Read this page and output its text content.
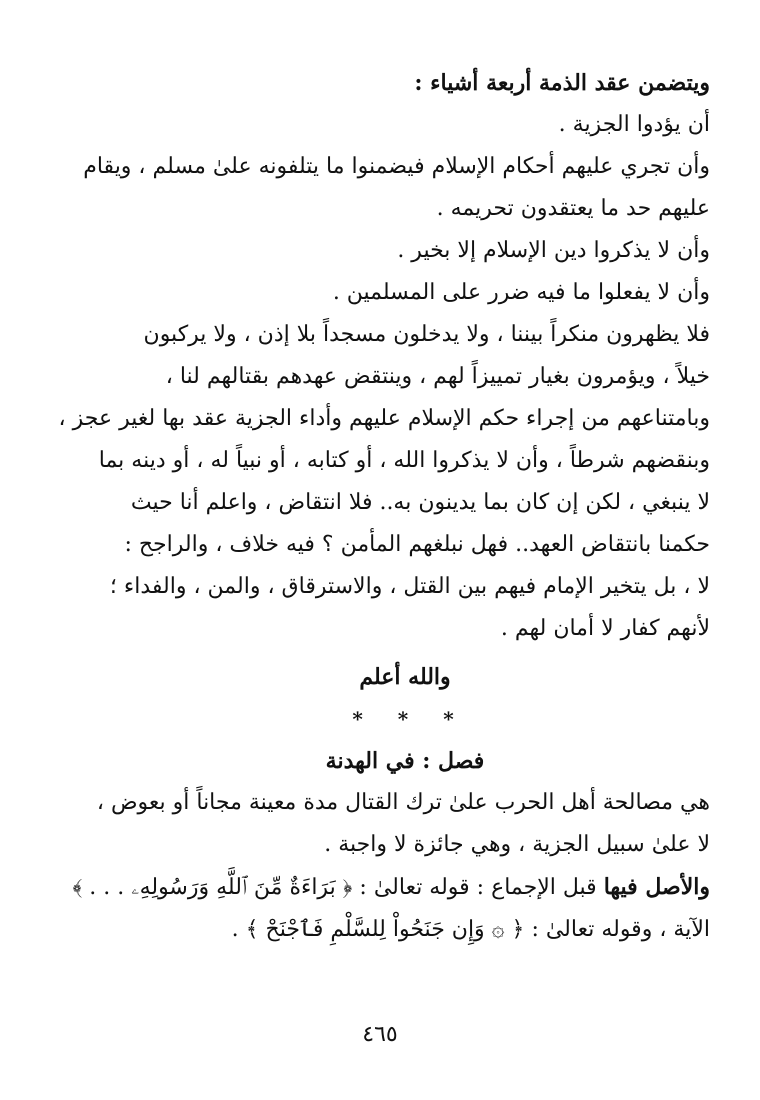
ويتضمن عقد الذمة أربعة أشياء :

أن يؤدوا الجزية .

وأن تجري عليهم أحكام الإسلام فيضمنوا ما يتلفونه علىٰ مسلم ، ويقام
عليهم حد ما يعتقدون تحريمه .

وأن لا يذكروا دين الإسلام إلا بخير .

وأن لا يفعلوا ما فيه ضرر على المسلمين .

فلا يظهرون منكراً بيننا ، ولا يدخلون مسجداً بلا إذن ، ولا يركبون
خيلاً ، ويؤمرون بغيار تمييزاً لهم ، وينتقض عهدهم بقتالهم لنا ،
وبامتناعهم من إجراء حكم الإسلام عليهم وأداء الجزية عقد بها لغير عجز ،
وبنقضهم شرطاً ، وأن لا يذكروا الله ، أو كتابه ، أو نبياً له ، أو دينه بما
لا ينبغي ، لكن إن كان بما يدينون به.. فلا انتقاض ، واعلم أنا حيث
حكمنا بانتقاض العهد.. فهل نبلغهم المأمن ؟ فيه خلاف ، والراجح :
لا ، بل يتخير الإمام فيهم بين القتل ، والاسترقاق ، والمن ، والفداء ؛
لأنهم كفار لا أمان لهم .

والله أعلم

* * *

فصل : في الهدنة

هي مصالحة أهل الحرب علىٰ ترك القتال مدة معينة مجاناً أو بعوض ،
لا علىٰ سبيل الجزية ، وهي جائزة لا واجبة .

والأصل فيها قبل الإجماع : قوله تعالىٰ : ﴿ بَرَاءَةٌ مِّنَ ٱللَّهِ وَرَسُولِهِۦ . . . ﴾
الآية ، وقوله تعالىٰ : ﴿ ۞ وَإِن جَنَحُواْ لِلسَّلْمِ فَٱجْنَحْ ﴾ .

٤٦٥
